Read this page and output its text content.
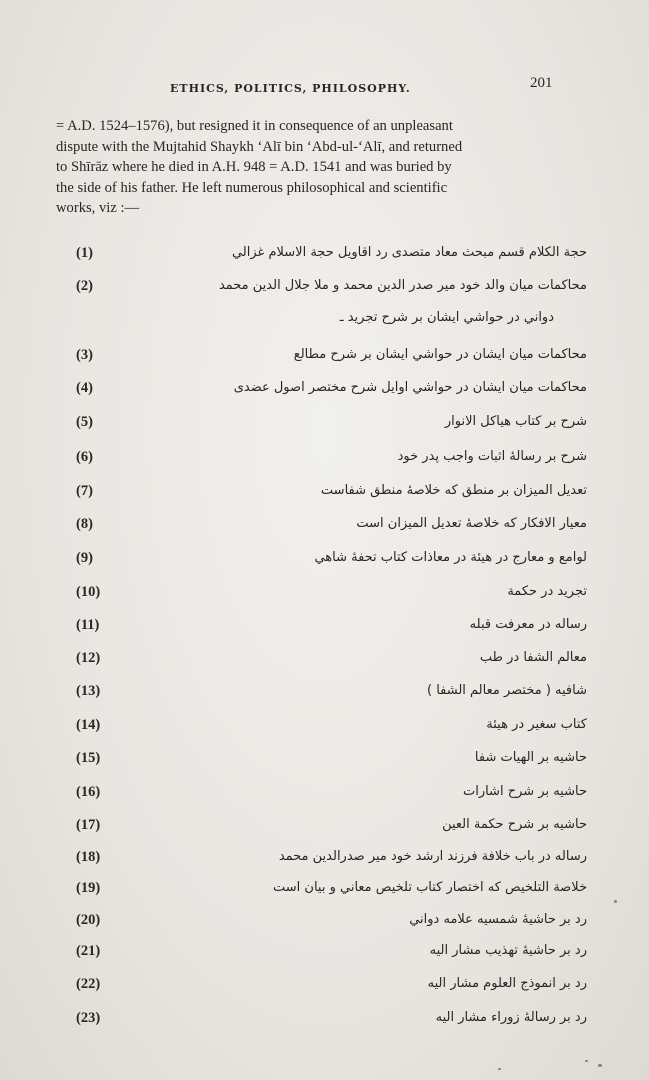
ETHICS, POLITICS, PHILOSOPHY.	201
= A.D. 1524–1576), but resigned it in consequence of an unpleasant
dispute with the Mujtahid Shaykh ‘Alī bin ‘Abd-ul-‘Alī, and returned
to Shīrāz where he died in A.H. 948 = A.D. 1541 and was buried by
the side of his father. He left numerous philosophical and scientific
works, viz :—
(1)	حجة الكلام قسم مبحث معاد متصدی رد اقاویل حجة الاسلام غزالي
(2)	محاکمات میان والد خود میر صدر الدین محمد و ملا جلال الدین محمد
دواني در حواشي ایشان بر شرح تجرید ـ
(3)	محاکمات میان ایشان در حواشي ایشان بر شرح مطالع
(4)	محاکمات میان ایشان در حواشي اوایل شرح مختصر اصول عضدی
(5)	شرح بر کتاب هیاکل الانوار
(6)	شرح بر رسالۀ اثبات واجب پدر خود
(7)	تعدیل المیزان بر منطق که خلاصۀ منطق شفاست
(8)	معیار الافکار که خلاصۀ تعدیل المیزان است
(9)	لوامع و معارج در هیئة در معاذات کتاب تحفۀ شاهي
(10)	تجرید در حکمة
(11)	رساله در معرفت قبله
(12)	معالم الشفا در طب
(13)	شافیه ( مختصر معالم الشفا )
(14)	کتاب سغیر در هیئة
(15)	حاشیه بر الهیات شفا
(16)	حاشیه بر شرح اشارات
(17)	حاشیه بر شرح حکمة العین
(18)	رساله در باب خلافة فرزند ارشد خود میر صدرالدین محمد
(19)	خلاصة التلخیص که اختصار کتاب تلخیص معاني و بیان است
(20)	رد بر حاشیۀ شمسیه علامه دواني
(21)	رد بر حاشیۀ تهذیب مشار الیه
(22)	رد بر انموذج العلوم مشار الیه
(23)	رد بر رسالۀ زوراء مشار الیه
